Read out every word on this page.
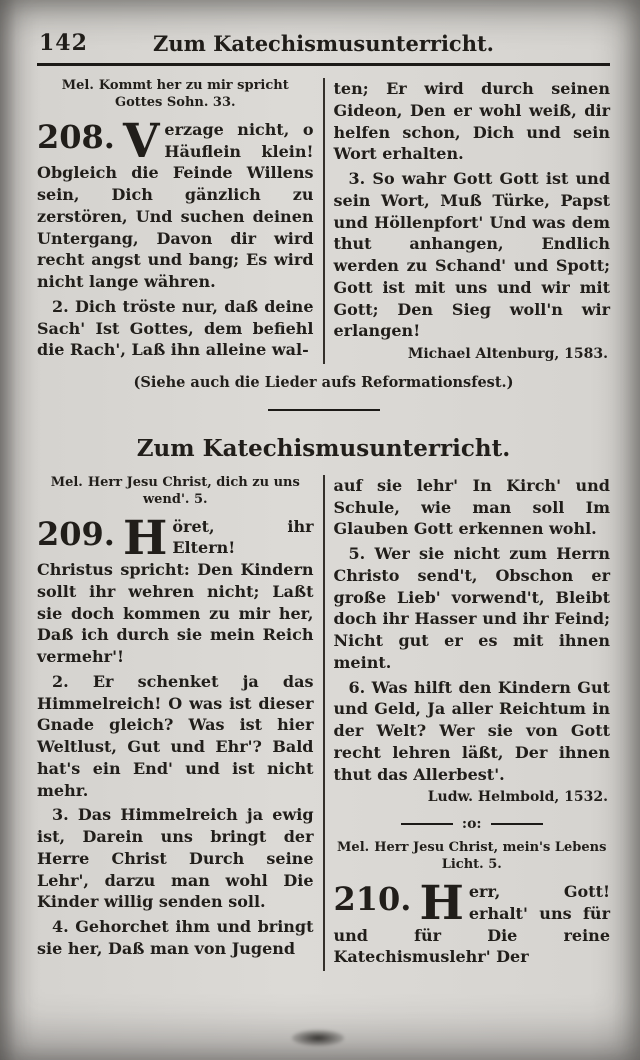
142	Zum Katechismusunterricht.

Mel. Kommt her zu mir spricht Gottes Sohn. 33.

208. V erzage nicht, o Häuflein klein! Obgleich die Feinde Willens sein, Dich gänzlich zu zerstören, Und suchen deinen Untergang, Davon dir wird recht angst und bang; Es wird nicht lange währen.

2. Dich tröste nur, daß deine Sach' Ist Gottes, dem befiehl die Rach', Laß ihn alleine wal-

ten; Er wird durch seinen Gideon, Den er wohl weiß, dir helfen schon, Dich und sein Wort erhalten.

3. So wahr Gott Gott ist und sein Wort, Muß Türke, Papst und Höllenpfort' Und was dem thut anhangen, Endlich werden zu Schand' und Spott; Gott ist mit uns und wir mit Gott; Den Sieg woll'n wir erlangen!

Michael Altenburg, 1583.

(Siehe auch die Lieder aufs Reformationsfest.)

Zum Katechismusunterricht.

Mel. Herr Jesu Christ, dich zu uns wend'. 5.

209. H öret, ihr Eltern! Christus spricht: Den Kindern sollt ihr wehren nicht; Laßt sie doch kommen zu mir her, Daß ich durch sie mein Reich vermehr'!

2. Er schenket ja das Himmelreich! O was ist dieser Gnade gleich? Was ist hier Weltlust, Gut und Ehr'? Bald hat's ein End' und ist nicht mehr.

3. Das Himmelreich ja ewig ist, Darein uns bringt der Herre Christ Durch seine Lehr', darzu man wohl Die Kinder willig senden soll.

4. Gehorchet ihm und bringt sie her, Daß man von Jugend

auf sie lehr' In Kirch' und Schule, wie man soll Im Glauben Gott erkennen wohl.

5. Wer sie nicht zum Herrn Christo send't, Obschon er große Lieb' vorwend't, Bleibt doch ihr Hasser und ihr Feind; Nicht gut er es mit ihnen meint.

6. Was hilft den Kindern Gut und Geld, Ja aller Reichtum in der Welt? Wer sie von Gott recht lehren läßt, Der ihnen thut das Allerbest'.

Ludw. Helmbold, 1532.

:o:

Mel. Herr Jesu Christ, mein's Lebens Licht. 5.

210. H err, Gott! erhalt' uns für und für Die reine Katechismuslehr' Der
